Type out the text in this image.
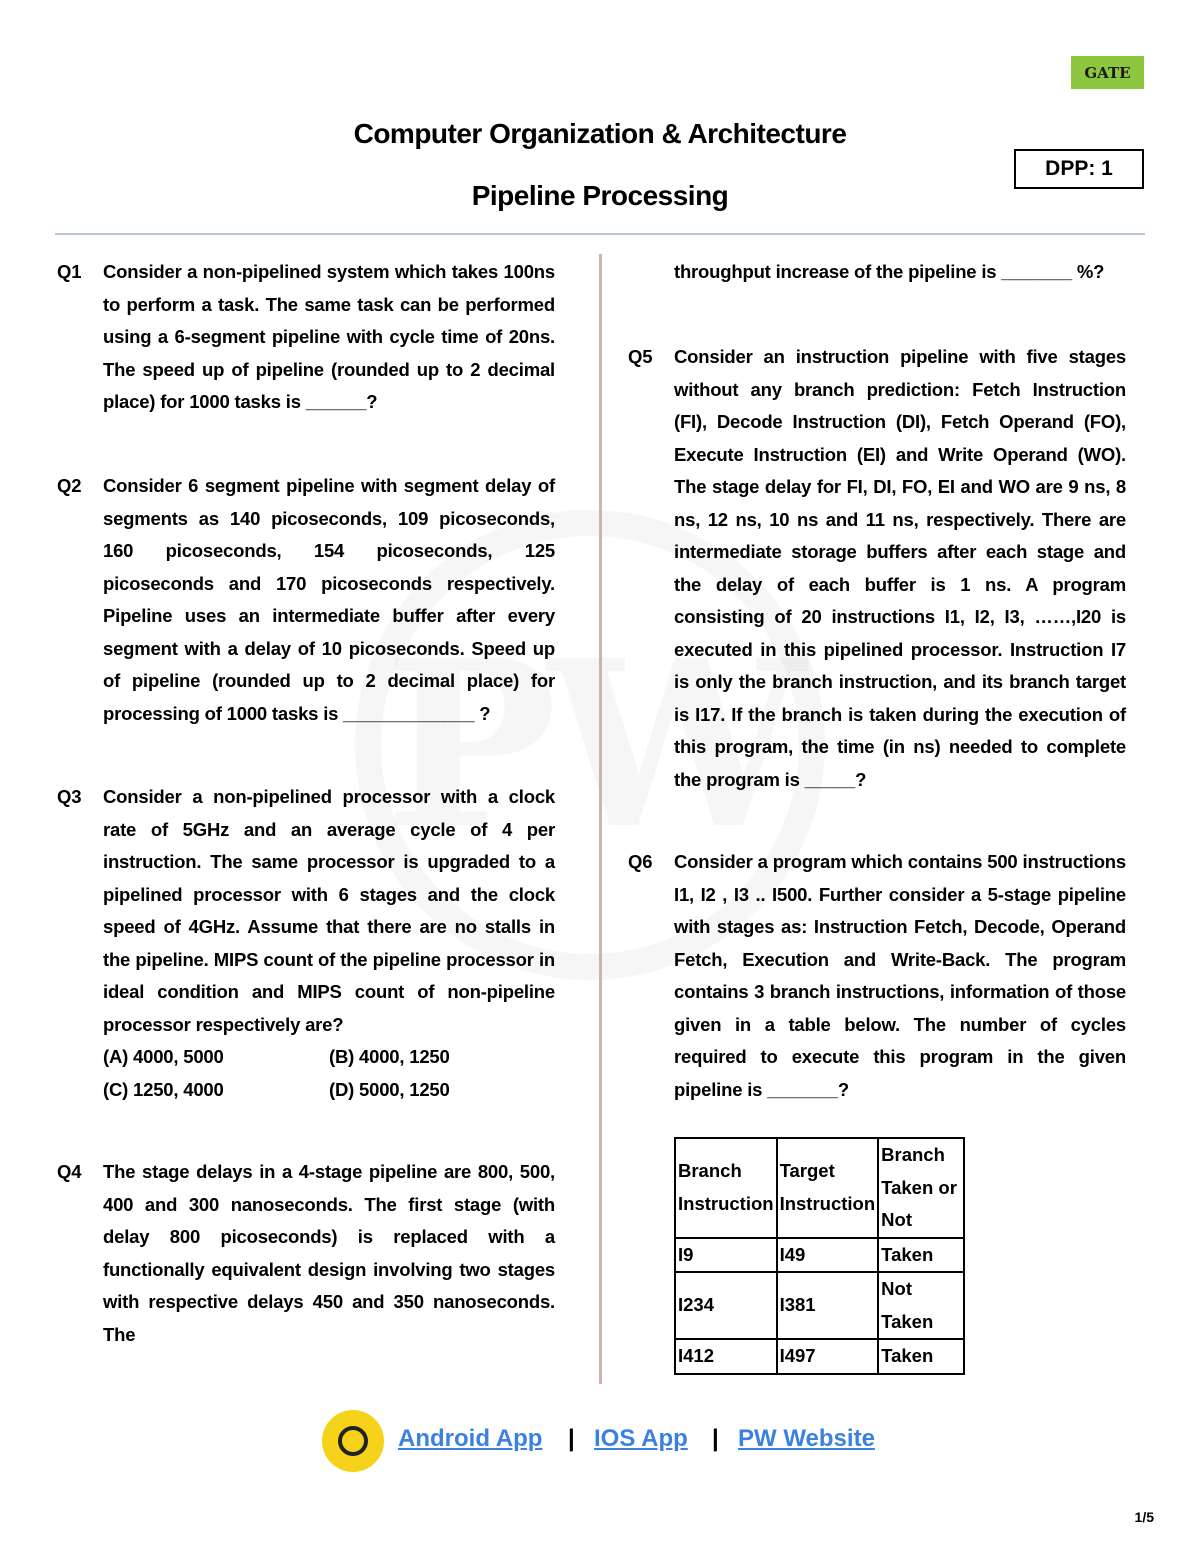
GATE
Computer Organization & Architecture
Pipeline Processing
DPP: 1
Q1 Consider a non-pipelined system which takes 100ns to perform a task. The same task can be performed using a 6-segment pipeline with cycle time of 20ns. The speed up of pipeline (rounded up to 2 decimal place) for 1000 tasks is ______?
Q2 Consider 6 segment pipeline with segment delay of segments as 140 picoseconds, 109 picoseconds, 160 picoseconds, 154 picoseconds, 125 picoseconds and 170 picoseconds respectively. Pipeline uses an intermediate buffer after every segment with a delay of 10 picoseconds. Speed up of pipeline (rounded up to 2 decimal place) for processing of 1000 tasks is _____________ ?
Q3 Consider a non-pipelined processor with a clock rate of 5GHz and an average cycle of 4 per instruction. The same processor is upgraded to a pipelined processor with 6 stages and the clock speed of 4GHz. Assume that there are no stalls in the pipeline. MIPS count of the pipeline processor in ideal condition and MIPS count of non-pipeline processor respectively are?
(A) 4000, 5000	(B) 4000, 1250
(C) 1250, 4000	(D) 5000, 1250
Q4 The stage delays in a 4-stage pipeline are 800, 500, 400 and 300 nanoseconds. The first stage (with delay 800 picoseconds) is replaced with a functionally equivalent design involving two stages with respective delays 450 and 350 nanoseconds. The
throughput increase of the pipeline is _______ %?
Q5 Consider an instruction pipeline with five stages without any branch prediction: Fetch Instruction (FI), Decode Instruction (DI), Fetch Operand (FO), Execute Instruction (EI) and Write Operand (WO). The stage delay for FI, DI, FO, EI and WO are 9 ns, 8 ns, 12 ns, 10 ns and 11 ns, respectively. There are intermediate storage buffers after each stage and the delay of each buffer is 1 ns. A program consisting of 20 instructions I1, I2, I3, ……,I20 is executed in this pipelined processor. Instruction I7 is only the branch instruction, and its branch target is I17. If the branch is taken during the execution of this program, the time (in ns) needed to complete the program is _____?
Q6 Consider a program which contains 500 instructions I1, I2 , I3 .. I500. Further consider a 5-stage pipeline with stages as: Instruction Fetch, Decode, Operand Fetch, Execution and Write-Back. The program contains 3 branch instructions, information of those given in a table below. The number of cycles required to execute this program in the given pipeline is _______?
Branch Instruction	Target Instruction	Branch Taken or Not
I9	I49	Taken
I234	I381	Not Taken
I412	I497	Taken
Android App | IOS App | PW Website
1/5
